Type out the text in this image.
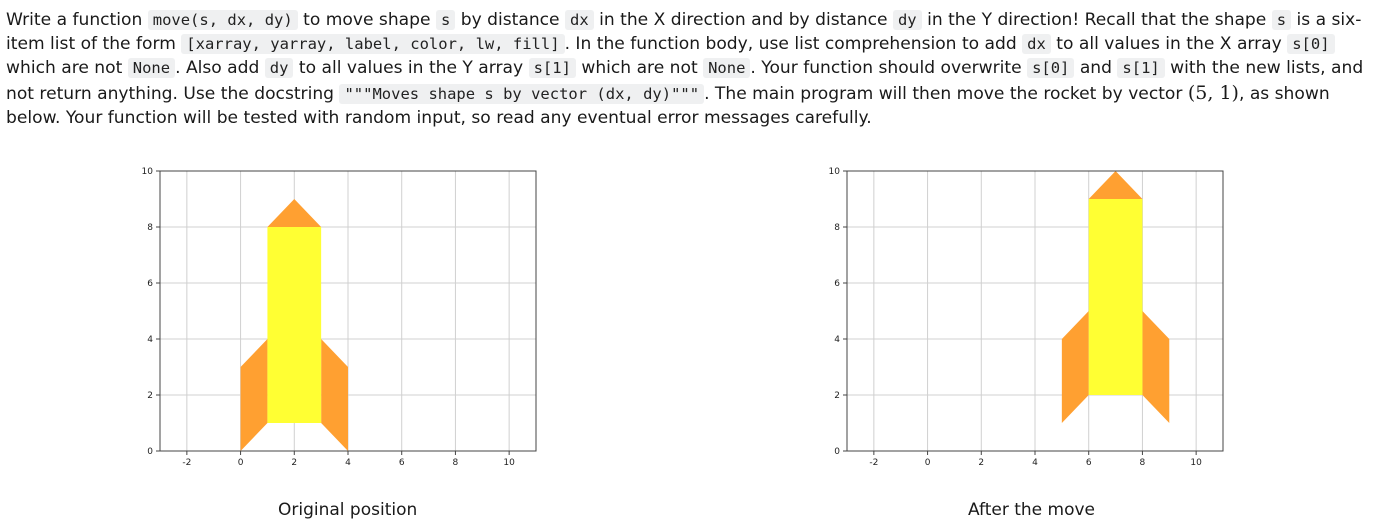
Write a function move(s, dx, dy) to move shape s by distance dx in the X direction and by distance dy in the Y direction! Recall that the shape s is a six-item list of the form [xarray, yarray, label, color, lw, fill] . In the function body, use list comprehension to add dx to all values in the X array s[0] which are not None . Also add dy to all values in the Y array s[1] which are not None . Your function should overwrite s[0] and s[1] with the new lists, and not return anything. Use the docstring """Moves shape s by vector (dx, dy)""" . The main program will then move the rocket by vector (5, 1), as shown below. Your function will be tested with random input, so read any eventual error messages carefully.

-2	0	2	4	6	8	10
0
2
4
6
8
10
-2	0	2	4	6	8	10
0
2
4
6
8
10
Original position	After the move
